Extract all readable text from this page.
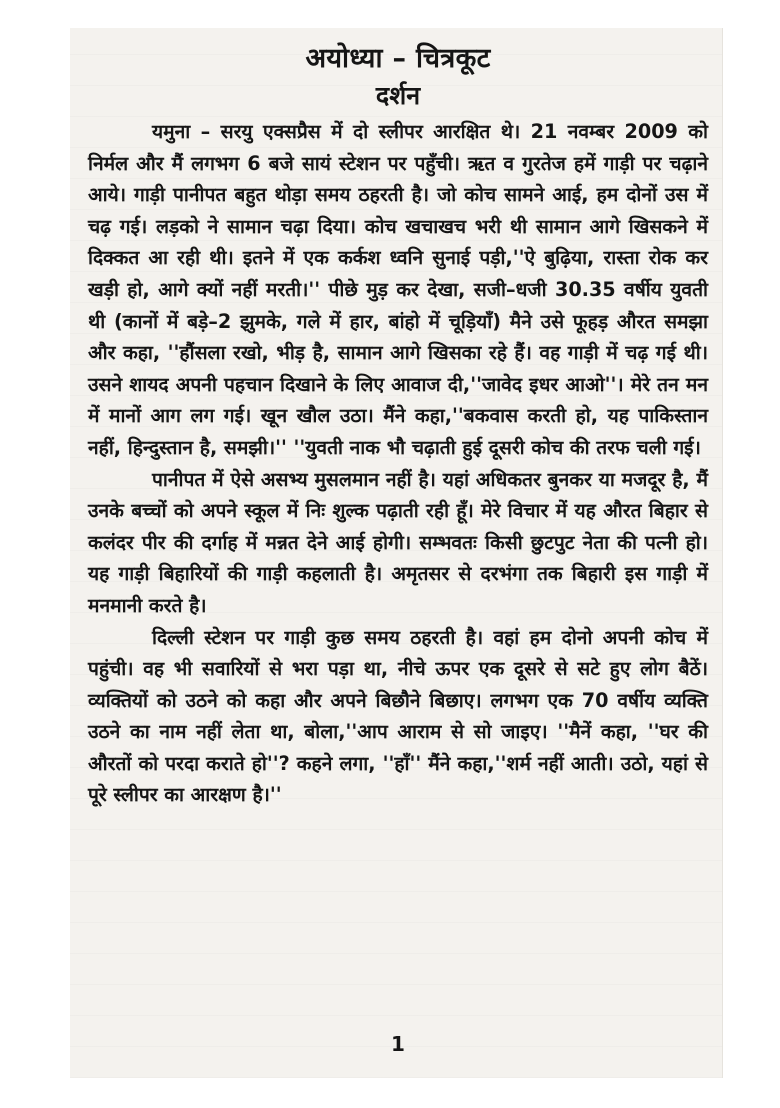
अयोध्या – चित्रकूट
दर्शन

यमुना – सरयु एक्सप्रैस में दो स्लीपर आरक्षित थे। 21 नवम्बर 2009 को निर्मल और मैं लगभग 6 बजे सायं स्टेशन पर पहुँची। ऋत व गुरतेज हमें गाड़ी पर चढ़ाने आये। गाड़ी पानीपत बहुत थोड़ा समय ठहरती है। जो कोच सामने आई, हम दोनों उस में चढ़ गई। लड़को ने सामान चढ़ा दिया। कोच खचाखच भरी थी सामान आगे खिसकने में दिक्कत आ रही थी। इतने में एक कर्कश ध्वनि सुनाई पड़ी,''ऐ बुढ़िया, रास्ता रोक कर खड़ी हो, आगे क्यों नहीं मरती।'' पीछे मुड़ कर देखा, सजी–धजी 30.35 वर्षीय युवती थी (कानों में बड़े–2 झुमके, गले में हार, बांहो में चूड़ियाँ) मैने उसे फूहड़ औरत समझा और कहा, ''हौंसला रखो, भीड़ है, सामान आगे खिसका रहे हैं। वह गाड़ी में चढ़ गई थी। उसने शायद अपनी पहचान दिखाने के लिए आवाज दी,''जावेद इधर आओ''। मेरे तन मन में मानों आग लग गई। खून खौल उठा। मैंने कहा,''बकवास करती हो, यह पाकिस्तान नहीं, हिन्दुस्तान है, समझी।'' ''युवती नाक भौ चढ़ाती हुई दूसरी कोच की तरफ चली गई।

पानीपत में ऐसे असभ्य मुसलमान नहीं है। यहां अधिकतर बुनकर या मजदूर है, मैं उनके बच्चों को अपने स्कूल में निः शुल्क पढ़ाती रही हूँ। मेरे विचार में यह औरत बिहार से कलंदर पीर की दर्गाह में मन्नत देने आई होगी। सम्भवतः किसी छुटपुट नेता की पत्नी हो। यह गाड़ी बिहारियों की गाड़ी कहलाती है। अमृतसर से दरभंगा तक बिहारी इस गाड़ी में मनमानी करते है।

दिल्ली स्टेशन पर गाड़ी कुछ समय ठहरती है। वहां हम दोनो अपनी कोच में पहुंची। वह भी सवारियों से भरा पड़ा था, नीचे ऊपर एक दूसरे से सटे हुए लोग बैठें। व्यक्तियों को उठने को कहा और अपने बिछौने बिछाए। लगभग एक 70 वर्षीय व्यक्ति उठने का नाम नहीं लेता था, बोला,''आप आराम से सो जाइए। ''मैनें कहा, ''घर की औरतों को परदा कराते हो''? कहने लगा, ''हाँ'' मैंने कहा,''शर्म नहीं आती। उठो, यहां से पूरे स्लीपर का आरक्षण है।''

1
